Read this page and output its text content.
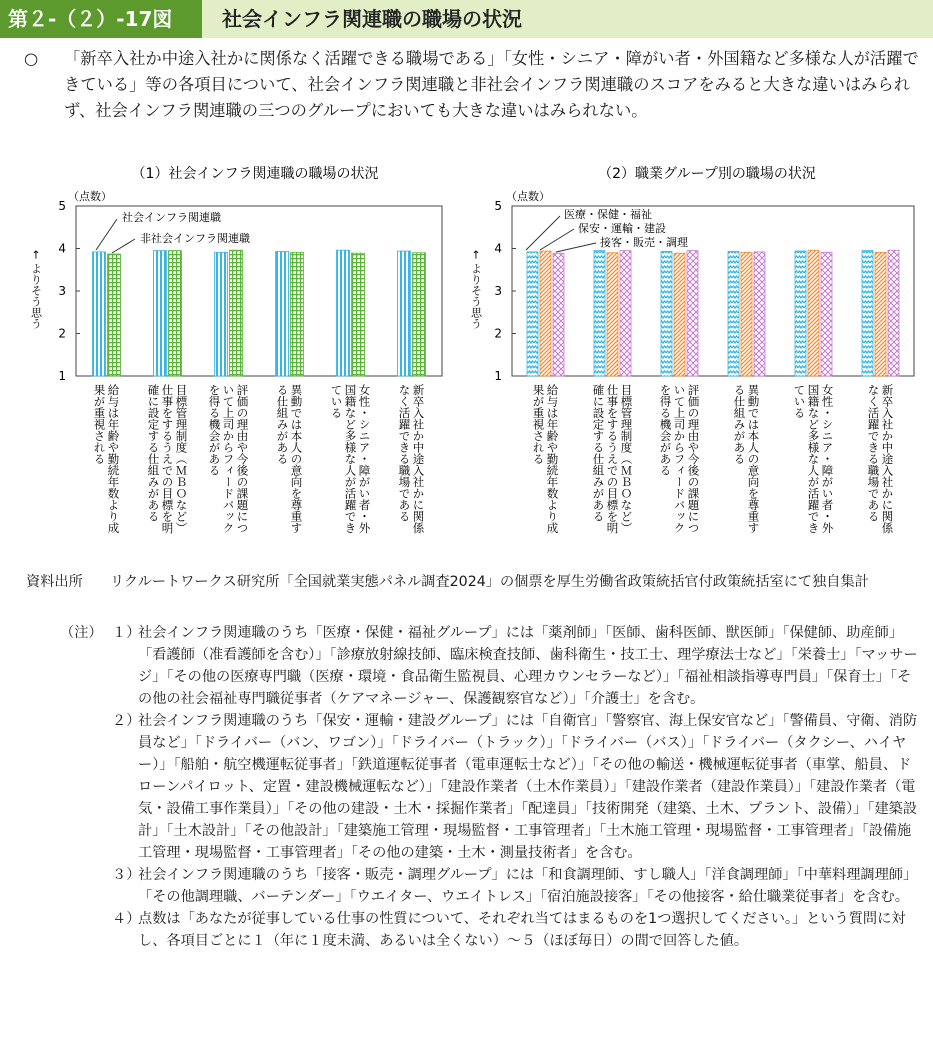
第２-（２）-17図	社会インフラ関連職の職場の状況
○ 「新卒入社か中途入社かに関係なく活躍できる職場である」「女性・シニア・障がい者・外国籍など多様な人が活躍できている」等の各項目について、社会インフラ関連職と非社会インフラ関連職のスコアをみると大きな違いはみられず、社会インフラ関連職の三つのグループにおいても大きな違いはみられない。
（1）社会インフラ関連職の職場の状況
（点数）
← よりそう思う
1
2
3
4
5
給与は年齢や勤続年数より成
果が重視される	目標管理制度（ＭＢＯなど）
仕事をするうえでの目標を明
確に設定する仕組みがある	評価の理由や今後の課題につ
いて上司からフィードバック
を得る機会がある	異動では本人の意向を尊重す
る仕組みがある	女性・シニア・障がい者・外
国籍など多様な人が活躍でき
ている	新卒入社か中途入社かに関係
なく活躍できる職場である
社会インフラ関連職
非社会インフラ関連職
（2）職業グループ別の職場の状況
（点数）
← よりそう思う
1
2
3
4
5
給与は年齢や勤続年数より成
果が重視される	目標管理制度（ＭＢＯなど）
仕事をするうえでの目標を明
確に設定する仕組みがある	評価の理由や今後の課題につ
いて上司からフィードバック
を得る機会がある	異動では本人の意向を尊重す
る仕組みがある	女性・シニア・障がい者・外
国籍など多様な人が活躍でき
ている	新卒入社か中途入社かに関係
なく活躍できる職場である
医療・保健・福祉
保安・運輸・建設
接客・販売・調理
資料出所 リクルートワークス研究所「全国就業実態パネル調査2024」の個票を厚生労働省政策統括官付政策統括室にて独自集計
（注） １）
社会インフラ関連職のうち「医療・保健・福祉グループ」には「薬剤師」「医師、歯科医師、獣医師」「保健師、助産師」「看護師（准看護師を含む）」「診療放射線技師、臨床検査技師、歯科衛生・技工士、理学療法士など」「栄養士」「マッサージ」「その他の医療専門職（医療・環境・食品衛生監視員、心理カウンセラーなど）」「福祉相談指導専門員」「保育士」「その他の社会福祉専門職従事者（ケアマネージャー、保護観察官など）」「介護士」を含む。
２）
社会インフラ関連職のうち「保安・運輸・建設グループ」には「自衛官」「警察官、海上保安官など」「警備員、守衛、消防員など」「ドライバー（バン、ワゴン）」「ドライバー（トラック）」「ドライバー（バス）」「ドライバー（タクシー、ハイヤー）」「船舶・航空機運転従事者」「鉄道運転従事者（電車運転士など）」「その他の輸送・機械運転従事者（車掌、船員、ドローンパイロット、定置・建設機械運転など）」「建設作業者（土木作業員）」「建設作業者（建設作業員）」「建設作業者（電気・設備工事作業員）」「その他の建設・土木・採掘作業者」「配達員」「技術開発（建築、土木、プラント、設備）」「建築設計」「土木設計」「その他設計」「建築施工管理・現場監督・工事管理者」「土木施工管理・現場監督・工事管理者」「設備施工管理・現場監督・工事管理者」「その他の建築・土木・測量技術者」を含む。
３）
社会インフラ関連職のうち「接客・販売・調理グループ」には「和食調理師、すし職人」「洋食調理師」「中華料理調理師」「その他調理職、バーテンダー」「ウエイター、ウエイトレス」「宿泊施設接客」「その他接客・給仕職業従事者」を含む。
４）
点数は「あなたが従事している仕事の性質について、それぞれ当てはまるものを1つ選択してください。」という質問に対し、各項目ごとに１（年に１度未満、あるいは全くない）～５（ほぼ毎日）の間で回答した値。
